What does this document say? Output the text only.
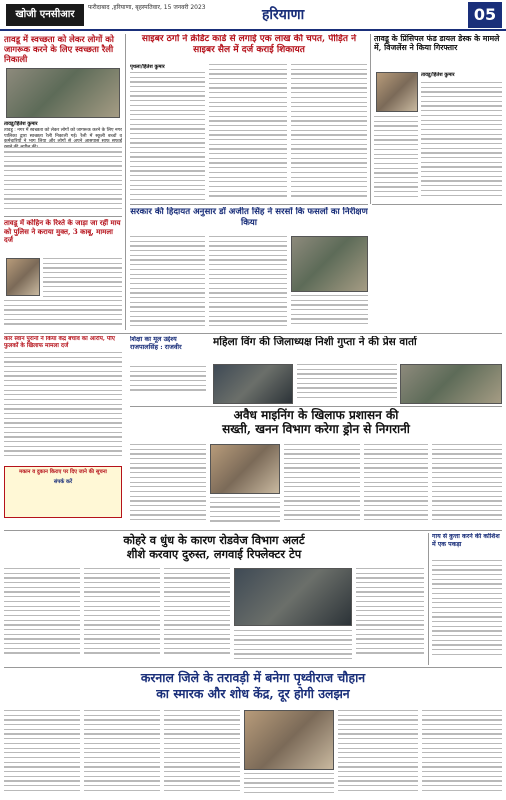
खोजी एनसीआर
फरीदाबाद ,हरियाणा, बृहस्पतिवार, 15 जनवरी 2023	हरियाणा	05
तावडू में स्वच्छता को लेकर लोगों को जागरूक करने के लिए स्वच्छता रैली निकाली
तावडू/हितेश कुमार
तावडू : नगर में स्वच्छता को लेकर लोगों को जागरूक करने के लिए नगर पालिका द्वारा स्वच्छता रैली निकाली गई। रैली में स्कूली बच्चों व
तावडू में कोहिन के रिश्ते के जाड़ा जा रहीं माय को पुलिस ने कराया मुक्त, 3 काबू, मामला दर्ज
साइबर ठगों ने क्रेडिट कार्ड से लगाई एक लाख की चपत, पीड़ित ने साइबर सैल में दर्ज कराई शिकायत
पृथला/हितेश कुमार
सरकार की हिदायत अनुसार डॉ अजीत सिंह ने सरसों कि फसलों का निरीक्षण किया
तावडू के प्रिंसिपल फंड डायल डेस्क के मामले में, विजलेंस ने किया गिरफ्तार
तावडू/हितेश कुमार
कार स्वान पुरानों ने किया केंद्र बचाव का आरोप, पीए फुलकों के खिलाफ मामला दर्ज
मकान व दुकान किराए पर दिए जाने की सूचना
संपर्क करें
शिक्षा का मूल उद्देश्य राजपालसिंह : राजवीर	महिला विंग की जिलाध्यक्ष निशी गुप्ता ने की प्रेस वार्ता
अवैध माइनिंग के खिलाफ प्रशासन की
सख्ती, खनन विभाग करेगा ड्रोन से निगरानी
कोहरे व धुंध के कारण रोडवेज विभाग अलर्ट
शीशे करवाए दुरुस्त, लगवाई रिफ्लेक्टर टेप
गाय से कुत्ता करने की कोशिश में एक पकड़ा
करनाल जिले के तरावड़ी में बनेगा पृथ्वीराज चौहान
का स्मारक और शोध केंद्र, दूर होगी उलझन
